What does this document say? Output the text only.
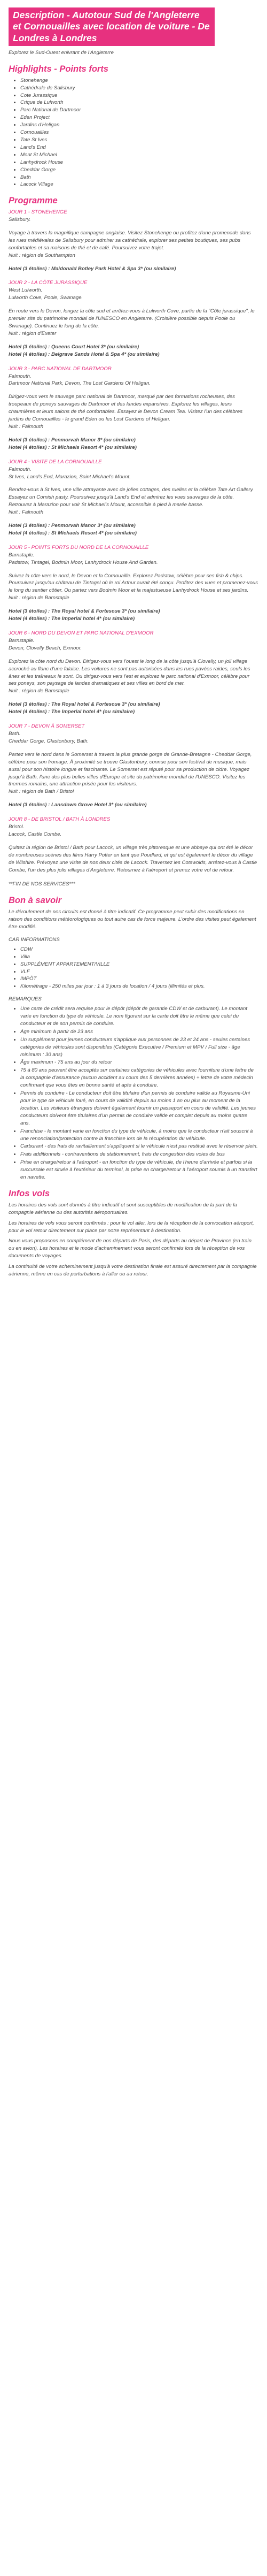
Description - Autotour Sud de l'Angleterre et Cornouailles avec location de voiture - De Londres à Londres

Explorez le Sud-Ouest enivrant de l'Angleterre

Highlights - Points forts
• Stonehenge
• Cathédrale de Salisbury
• Cote Jurassique
• Crique de Lulworth
• Parc National de Dartmoor
• Eden Project
• Jardins d'Heligan
• Cornouailles
• Tate St Ives
• Land's End
• Mont St Michael
• Lanhydrock House
• Cheddar Gorge
• Bath
• Lacock Village
Programme

JOUR 1 - STONEHENGE

Salisbury.

Voyage à travers la magnifique campagne anglaise. Visitez Stonehenge ou profitez d'une promenade dans les rues médiévales de Salisbury pour admirer sa cathédrale, explorer ses petites boutiques, ses pubs confortables et sa maisons de thé et de café. Poursuivez votre trajet.

Nuit : région de Southampton

Hotel (3 étoiles) : Maidonald Botley Park Hotel & Spa 3* (ou similaire)

JOUR 2 - LA CÔTE JURASSIQUE

West Lulworth.

Lulworth Cove, Poole, Swanage.

En route vers le Devon, longez la côte sud et arrêtez-vous à Lulworth Cove, partie de la "Côte jurassique", le premier site du patrimoine mondial de l'UNESCO en Angleterre. (Croisière possible depuis Poole ou Swanage). Continuez le long de la côte.

Nuit : région d'Exeter

Hotel (3 étoiles) : Queens Court Hotel 3* (ou similaire)

Hotel (4 étoiles) : Belgrave Sands Hotel & Spa 4* (ou similaire)

JOUR 3 - PARC NATIONAL DE DARTMOOR

Falmouth.

Dartmoor National Park, Devon, The Lost Gardens Of Heligan.

Dirigez-vous vers le sauvage parc national de Dartmoor, marqué par des formations rocheuses, des troupeaux de poneys sauvages de Dartmoor et des landes expansives. Explorez les villages, leurs chaumières et leurs salons de thé confortables. Essayez le Devon Cream Tea. Visitez l'un des célèbres jardins de Cornouailles - le grand Eden ou les Lost Gardens of Heligan.

Nuit : Falmouth

Hotel (3 étoiles) : Penmorvah Manor 3* (ou similaire)

Hotel (4 étoiles) : St Michaels Resort 4* (ou similaire)

JOUR 4 - VISITE DE LA CORNOUAILLE

Falmouth.

St Ives, Land's End, Marazion, Saint Michael's Mount.

Rendez-vous à St Ives, une ville attrayante avec de jolies cottages, des ruelles et la célèbre Tate Art Gallery. Essayez un Cornish pasty. Poursuivez jusqu'à Land's End et admirez les vues sauvages de la côte. Retrouvez à Marazion pour voir St Michael's Mount, accessible à pied à marée basse.

Nuit : Falmouth

Hotel (3 étoiles) : Penmorvah Manor 3* (ou similaire)

Hotel (4 étoiles) : St Michaels Resort 4* (ou similaire)

JOUR 5 - POINTS FORTS DU NORD DE LA CORNOUAILLE

Barnstaple.

Padstow, Tintagel, Bodmin Moor, Lanhydrock House And Garden.

Suivez la côte vers le nord, le Devon et la Cornouaille. Explorez Padstow, célèbre pour ses fish & chips. Poursuivez jusqu'au château de Tintagel où le roi Arthur aurait été conçu. Profitez des vues et promenez-vous le long du sentier côtier. Ou partez vers Bodmin Moor et la majestueuse Lanhydrock House et ses jardins.

Nuit : région de Barnstaple

Hotel (3 étoiles) : The Royal hotel & Fortescue 3* (ou similaire)

Hotel (4 étoiles) : The Imperial hotel 4* (ou similaire)

JOUR 6 - NORD DU DEVON ET PARC NATIONAL D'EXMOOR

Barnstaple.

Devon, Clovelly Beach, Exmoor.

Explorez la côte nord du Devon. Dirigez-vous vers l'ouest le long de la côte jusqu'à Clovelly, un joli village accroché au flanc d'une falaise. Les voitures ne sont pas autorisées dans les rues pavées raides, seuls les ânes et les traîneaux le sont. Ou dirigez-vous vers l'est et explorez le parc national d'Exmoor, célèbre pour ses poneys, son paysage de landes dramatiques et ses villes en bord de mer.

Nuit : région de Barnstaple

Hotel (3 étoiles) : The Royal hotel & Fortescue 3* (ou similaire)

Hotel (4 étoiles) : The Imperial hotel 4* (ou similaire)

JOUR 7 - DEVON À SOMERSET

Bath.

Cheddar Gorge, Glastonbury, Bath.

Partez vers le nord dans le Somerset à travers la plus grande gorge de Grande-Bretagne - Cheddar Gorge, célèbre pour son fromage. À proximité se trouve Glastonbury, connue pour son festival de musique, mais aussi pour son histoire longue et fascinante. Le Somerset est réputé pour sa production de cidre. Voyagez jusqu'à Bath, l'une des plus belles villes d'Europe et site du patrimoine mondial de l'UNESCO. Visitez les thermes romains, une attraction prisée pour les visiteurs.

Nuit : région de Bath / Bristol

Hotel (3 étoiles) : Lansdown Grove Hotel 3* (ou similaire)

JOUR 8 - DE BRISTOL / BATH À LONDRES

Bristol.

Lacock, Castle Combe.

Quittez la région de Bristol / Bath pour Lacock, un village très pittoresque et une abbaye qui ont été le décor de nombreuses scènes des films Harry Potter en tant que Poudlard, et qui est également le décor du village de Wilshire. Prévoyez une visite de nos deux cités de Lacock. Traversez les Cotswolds, arrêtez-vous à Castle Combe, l'un des plus jolis villages d'Angleterre. Retournez à l'aéroport et prenez votre vol de retour.

**FIN DE NOS SERVICES***

Bon à savoir

Le déroulement de nos circuits est donné à titre indicatif. Ce programme peut subir des modifications en raison des conditions météorologiques ou tout autre cas de force majeure. L'ordre des visites peut également être modifié.

CAR INFORMATIONS

• CDW
• Villa
• SUPPLÉMENT APPARTEMENT/VILLE
• VLF
• IMPÔT
• Kilométrage - 250 miles par jour : 1 à 3 jours de location / 4 jours (illimités et plus.

REMARQUES

• Une carte de crédit sera requise pour le dépôt (dépôt de garantie CDW et de carburant). Le montant varie en fonction du type de véhicule. Le nom figurant sur la carte doit être le même que celui du conducteur et de son permis de conduire.
• Âge minimum à partir de 23 ans
• Un supplément pour jeunes conducteurs s'applique aux personnes de 23 et 24 ans - seules certaines catégories de véhicules sont disponibles (Catégorie Executive / Premium et MPV / Full size - âge minimum : 30 ans)
• Âge maximum - 75 ans au jour du retour
• 75 à 80 ans peuvent être acceptés sur certaines catégories de véhicules avec fourniture d'une lettre de la compagnie d'assurance (aucun accident au cours des 5 dernières années) + lettre de votre médecin confirmant que vous êtes en bonne santé et apte à conduire.
• Permis de conduire - Le conducteur doit être titulaire d'un permis de conduire valide au Royaume-Uni pour le type de véhicule loué, en cours de validité depuis au moins 1 an ou plus au moment de la location. Les visiteurs étrangers doivent également fournir un passeport en cours de validité. Les jeunes conducteurs doivent être titulaires d'un permis de conduire valide et complet depuis au moins quatre ans.
• Franchise - le montant varie en fonction du type de véhicule, à moins que le conducteur n'ait souscrit à une renonciation/protection contre la franchise lors de la récupération du véhicule.
• Carburant - des frais de ravitaillement s'appliquent si le véhicule n'est pas restitué avec le réservoir plein.
• Frais additionnels - contraventions de stationnement, frais de congestion des voies de bus
• Prise en charge/retour à l'aéroport - en fonction du type de véhicule, de l'heure d'arrivée et parfois si la succursale est située à l'extérieur du terminal, la prise en charge/retour à l'aéroport soumis à un transfert en navette.
Infos vols

Les horaires des vols sont donnés à titre indicatif et sont susceptibles de modification de la part de la compagnie aérienne ou des autorités aéroportuaires.

Les horaires de vols vous seront confirmés : pour le vol aller, lors de la réception de la convocation aéroport, pour le vol retour directement sur place par notre représentant à destination.

Nous vous proposons en complément de nos départs de Paris, des départs au départ de Province (en train ou en avion). Les horaires et le mode d'acheminement vous seront confirmés lors de la réception de vos documents de voyages.

La continuité de votre acheminement jusqu'à votre destination finale est assuré directement par la compagnie aérienne, même en cas de perturbations à l'aller ou au retour.
